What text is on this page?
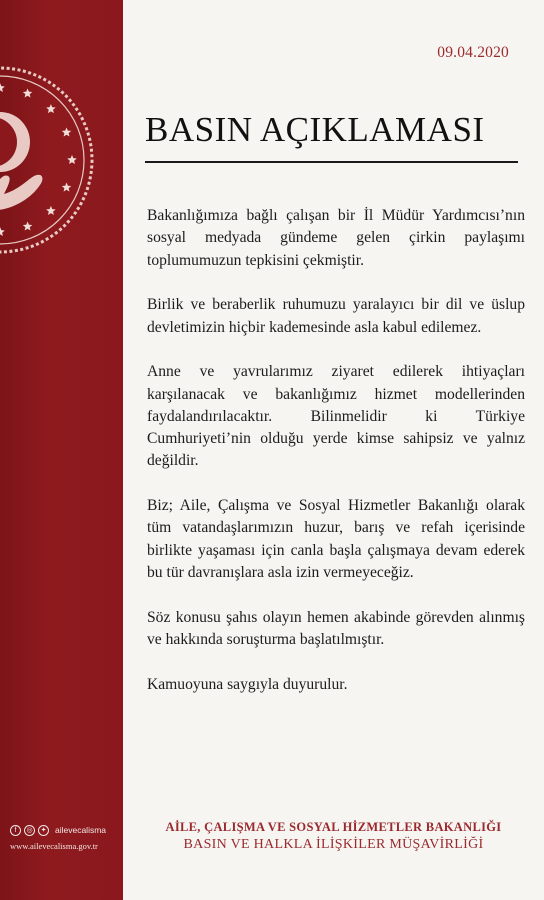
f	◎	✦	ailevecalisma
www.ailevecalisma.gov.tr
09.04.2020
BASIN AÇIKLAMASI

Bakanlığımıza bağlı çalışan bir İl Müdür Yardımcısı’nın sosyal medyada gündeme gelen çirkin paylaşımı toplumumuzun tepkisini çekmiştir.

Birlik ve beraberlik ruhumuzu yaralayıcı bir dil ve üslup devletimizin hiçbir kademesinde asla kabul edilemez.

Anne ve yavrularımız ziyaret edilerek ihtiyaçları karşılanacak ve bakanlığımız hizmet modellerinden faydalandırılacaktır. Bilinmelidir ki Türkiye Cumhuriyeti’nin olduğu yerde kimse sahipsiz ve yalnız değildir.

Biz; Aile, Çalışma ve Sosyal Hizmetler Bakanlığı olarak tüm vatandaşlarımızın huzur, barış ve refah içerisinde birlikte yaşaması için canla başla çalışmaya devam ederek bu tür davranışlara asla izin vermeyeceğiz.

Söz konusu şahıs olayın hemen akabinde görevden alınmış ve hakkında soruşturma başlatılmıştır.

Kamuoyuna saygıyla duyurulur.

AİLE, ÇALIŞMA VE SOSYAL HİZMETLER BAKANLIĞI
BASIN VE HALKLA İLİŞKİLER MÜŞAVİRLİĞİ
